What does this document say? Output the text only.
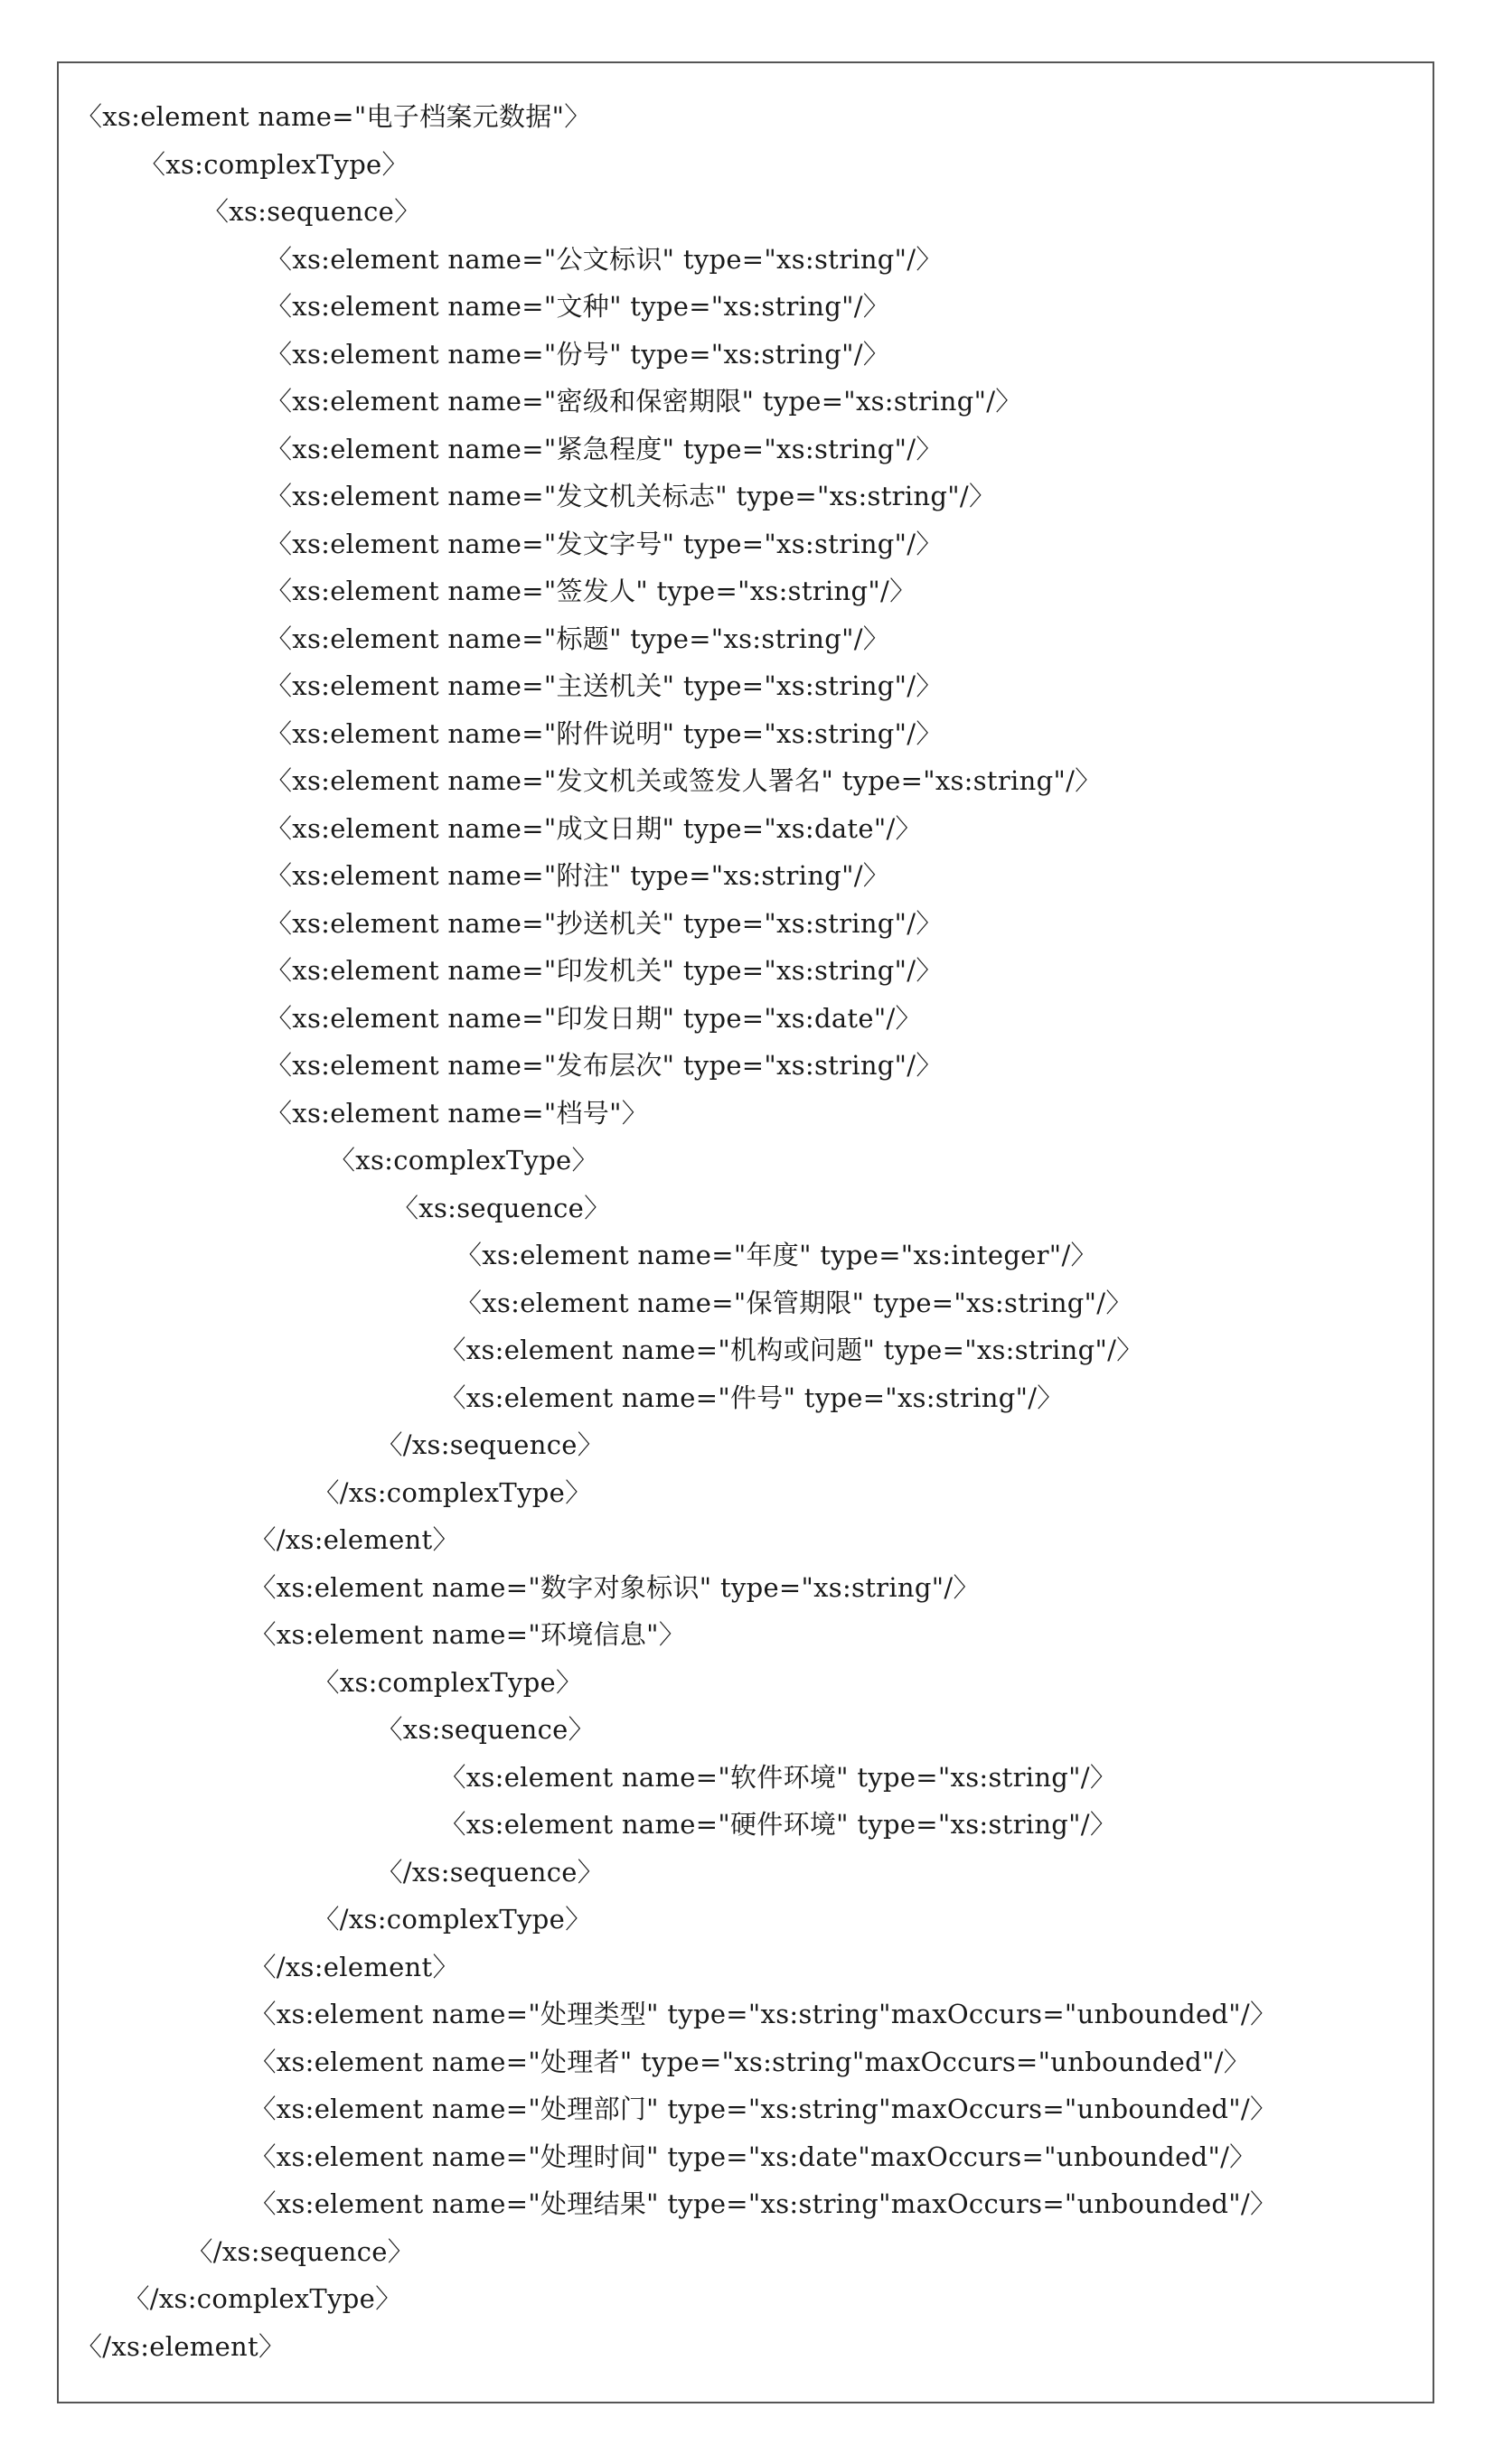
〈xs:element name="电子档案元数据"〉
〈xs:complexType〉
〈xs:sequence〉
〈xs:element name="公文标识" type="xs:string"/〉
〈xs:element name="文种" type="xs:string"/〉
〈xs:element name="份号" type="xs:string"/〉
〈xs:element name="密级和保密期限" type="xs:string"/〉
〈xs:element name="紧急程度" type="xs:string"/〉
〈xs:element name="发文机关标志" type="xs:string"/〉
〈xs:element name="发文字号" type="xs:string"/〉
〈xs:element name="签发人" type="xs:string"/〉
〈xs:element name="标题" type="xs:string"/〉
〈xs:element name="主送机关" type="xs:string"/〉
〈xs:element name="附件说明" type="xs:string"/〉
〈xs:element name="发文机关或签发人署名" type="xs:string"/〉
〈xs:element name="成文日期" type="xs:date"/〉
〈xs:element name="附注" type="xs:string"/〉
〈xs:element name="抄送机关" type="xs:string"/〉
〈xs:element name="印发机关" type="xs:string"/〉
〈xs:element name="印发日期" type="xs:date"/〉
〈xs:element name="发布层次" type="xs:string"/〉
〈xs:element name="档号"〉
〈xs:complexType〉
〈xs:sequence〉
〈xs:element name="年度" type="xs:integer"/〉
〈xs:element name="保管期限" type="xs:string"/〉
〈xs:element name="机构或问题" type="xs:string"/〉
〈xs:element name="件号" type="xs:string"/〉
〈/xs:sequence〉
〈/xs:complexType〉
〈/xs:element〉
〈xs:element name="数字对象标识" type="xs:string"/〉
〈xs:element name="环境信息"〉
〈xs:complexType〉
〈xs:sequence〉
〈xs:element name="软件环境" type="xs:string"/〉
〈xs:element name="硬件环境" type="xs:string"/〉
〈/xs:sequence〉
〈/xs:complexType〉
〈/xs:element〉
〈xs:element name="处理类型" type="xs:string"maxOccurs="unbounded"/〉
〈xs:element name="处理者" type="xs:string"maxOccurs="unbounded"/〉
〈xs:element name="处理部门" type="xs:string"maxOccurs="unbounded"/〉
〈xs:element name="处理时间" type="xs:date"maxOccurs="unbounded"/〉
〈xs:element name="处理结果" type="xs:string"maxOccurs="unbounded"/〉
〈/xs:sequence〉
〈/xs:complexType〉
〈/xs:element〉
